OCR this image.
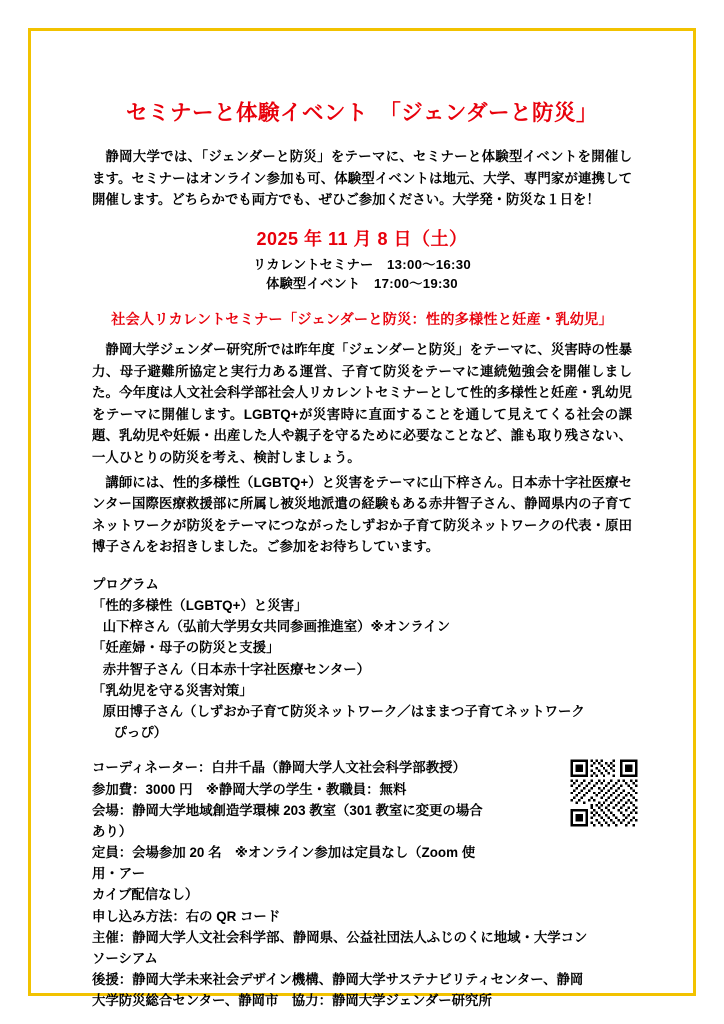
セミナーと体験イベント　「ジェンダーと防災」
静岡大学では、「ジェンダーと防災」をテーマに、セミナーと体験型イベントを開催します。セミナーはオンライン参加も可、体験型イベントは地元、大学、専門家が連携して開催します。どちらかでも両方でも、ぜひご参加ください。大学発・防災な１日を！
2025 年 11 月 8 日（土）
リカレントセミナー　13:00～16:30
体験型イベント　17:00～19:30
社会人リカレントセミナー「ジェンダーと防災：性的多様性と妊産・乳幼児」
静岡大学ジェンダー研究所では昨年度「ジェンダーと防災」をテーマに、災害時の性暴力、母子避難所協定と実行力ある運営、子育て防災をテーマに連続勉強会を開催しました。今年度は人文社会科学部社会人リカレントセミナーとして性的多様性と妊産・乳幼児をテーマに開催します。LGBTQ+が災害時に直面することを通して見えてくる社会の課題、乳幼児や妊娠・出産した人や親子を守るために必要なことなど、誰も取り残さない、一人ひとりの防災を考え、検討しましょう。
講師には、性的多様性（LGBTQ+）と災害をテーマに山下梓さん。日本赤十字社医療センター国際医療救援部に所属し被災地派遣の経験もある赤井智子さん、静岡県内の子育てネットワークが防災をテーマにつながったしずおか子育て防災ネットワークの代表・原田博子さんをお招きしました。ご参加をお待ちしています。
プログラム
「性的多様性（LGBTQ+）と災害」
山下梓さん（弘前大学男女共同参画推進室）※オンライン
「妊産婦・母子の防災と支援」
赤井智子さん（日本赤十字社医療センター）
「乳幼児を守る災害対策」
原田博子さん（しずおか子育て防災ネットワーク／はままつ子育てネットワーク
ぴっぴ）

コーディネーター：白井千晶（静岡大学人文社会科学部教授）

参加費：3000 円　※静岡大学の学生・教職員：無料

会場：静岡大学地域創造学環棟 203 教室（301 教室に変更の場合あり）

定員：会場参加 20 名　※オンライン参加は定員なし（Zoom 使用・アー

カイブ配信なし）

申し込み方法：右の QR コード

主催：静岡大学人文社会科学部、静岡県、公益社団法人ふじのくに地域・大学コン

ソーシアム

後援：静岡大学未来社会デザイン機構、静岡大学サステナビリティセンター、静岡

大学防災総合センター、静岡市　協力：静岡大学ジェンダー研究所
